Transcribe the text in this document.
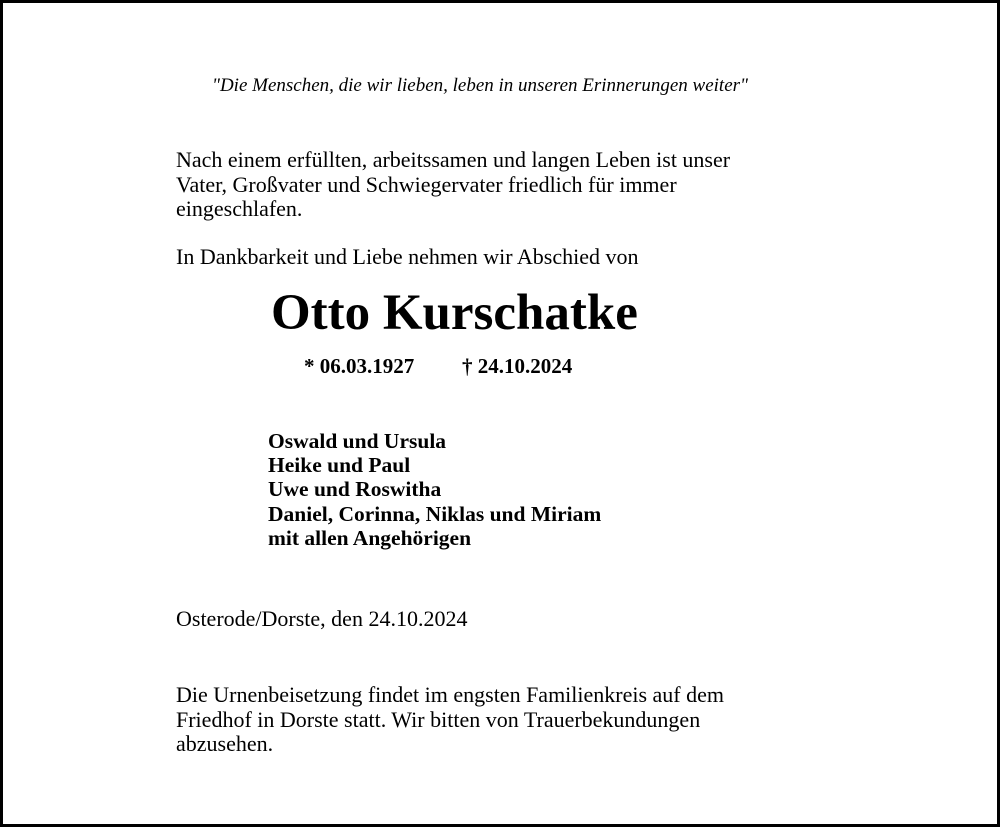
"Die Menschen, die wir lieben, leben in unseren Erinnerungen weiter"
Nach einem erfüllten, arbeitssamen und langen Leben ist unser
Vater, Großvater und Schwiegervater friedlich für immer
eingeschlafen.
In Dankbarkeit und Liebe nehmen wir Abschied von
Otto Kurschatke
* 06.03.1927 † 24.10.2024
Oswald und Ursula
Heike und Paul
Uwe und Roswitha
Daniel, Corinna, Niklas und Miriam
mit allen Angehörigen
Osterode/Dorste, den 24.10.2024
Die Urnenbeisetzung findet im engsten Familienkreis auf dem
Friedhof in Dorste statt. Wir bitten von Trauerbekundungen
abzusehen.
